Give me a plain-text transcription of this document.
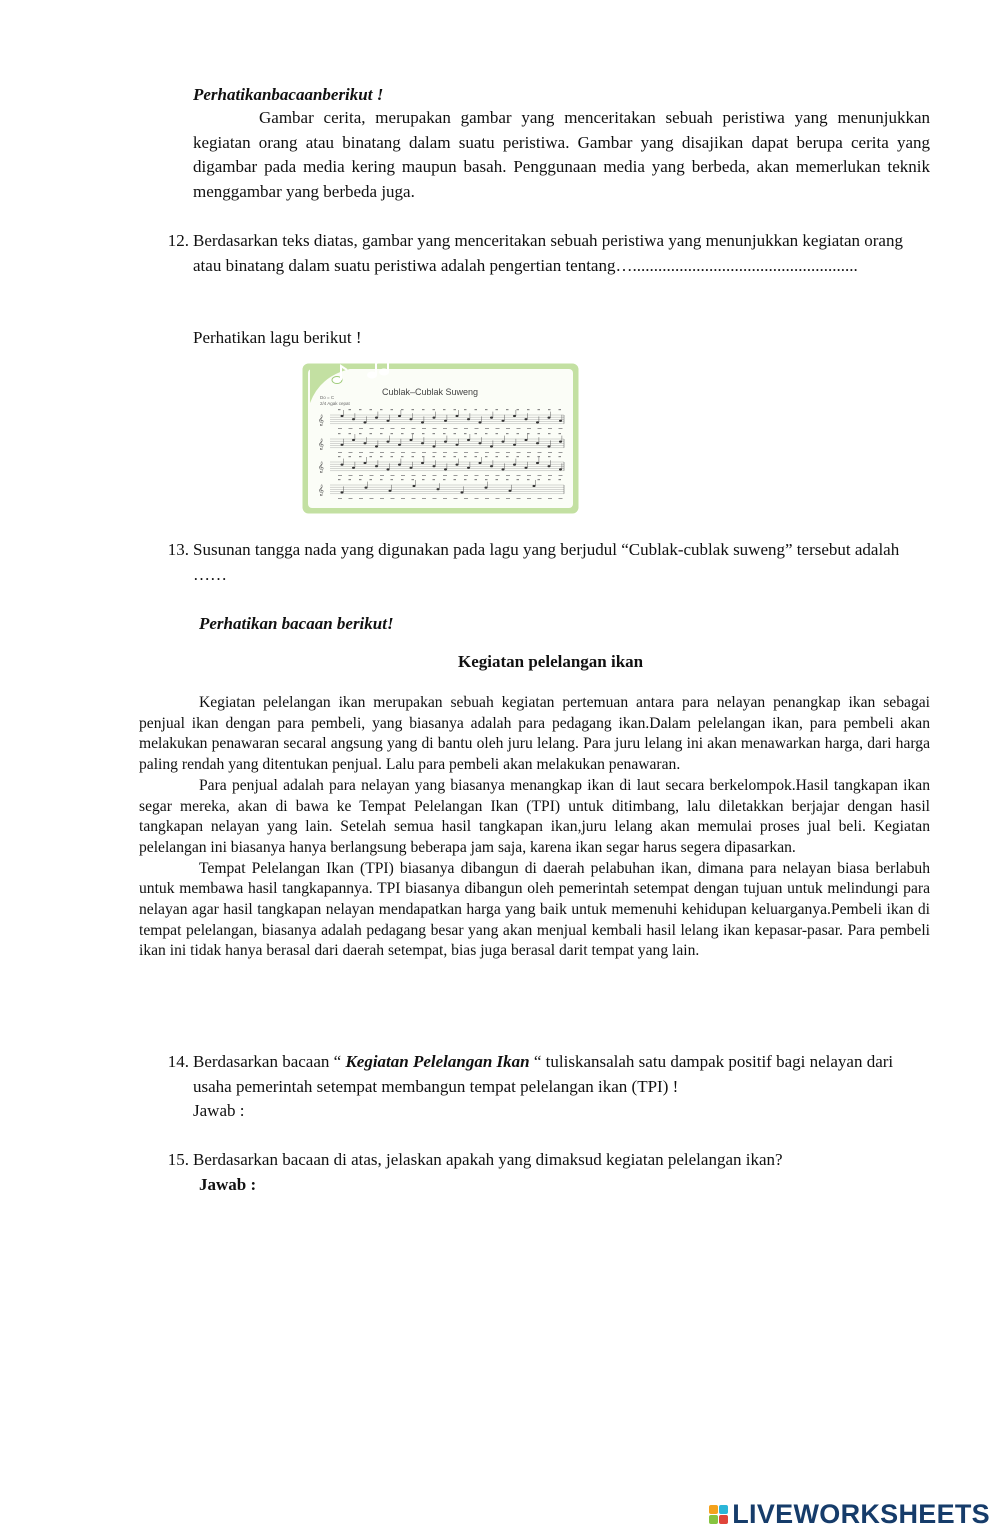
Perhatikanbacaanberikut !
Gambar cerita, merupakan gambar yang menceritakan sebuah peristiwa yang menunjukkan kegiatan orang atau binatang dalam suatu peristiwa. Gambar yang disajikan dapat berupa cerita yang digambar pada media kering maupun basah. Penggunaan media yang berbeda, akan memerlukan teknik menggambar yang berbeda juga.
12. Berdasarkan teks diatas, gambar yang menceritakan sebuah peristiwa yang menunjukkan kegiatan orang atau binatang dalam suatu peristiwa adalah pengertian tentang….....................................................
Perhatikan lagu berikut !
Cublak–Cublak Suweng
Do = C
2/4 Agak cepat
𝄞
𝄞
𝄞
𝄞
13. Susunan tangga nada yang digunakan pada lagu yang berjudul “Cublak-cublak suweng” tersebut adalah ……
Perhatikan bacaan berikut!
Kegiatan pelelangan ikan

Kegiatan pelelangan ikan merupakan sebuah kegiatan pertemuan antara para nelayan penangkap ikan sebagai penjual ikan dengan para pembeli, yang biasanya adalah para pedagang ikan.Dalam pelelangan ikan, para pembeli akan melakukan penawaran secaral angsung yang di bantu oleh juru lelang. Para juru lelang ini akan menawarkan harga, dari harga paling rendah yang ditentukan penjual. Lalu para pembeli akan melakukan penawaran.

Para penjual adalah para nelayan yang biasanya menangkap ikan di laut secara berkelompok.Hasil tangkapan ikan segar mereka, akan di bawa ke Tempat Pelelangan Ikan (TPI) untuk ditimbang, lalu diletakkan berjajar dengan hasil tangkapan nelayan yang lain. Setelah semua hasil tangkapan ikan,juru lelang akan memulai proses jual beli. Kegiatan pelelangan ini biasanya hanya berlangsung beberapa jam saja, karena ikan segar harus segera dipasarkan.

Tempat Pelelangan Ikan (TPI) biasanya dibangun di daerah pelabuhan ikan, dimana para nelayan biasa berlabuh untuk membawa hasil tangkapannya. TPI biasanya dibangun oleh pemerintah setempat dengan tujuan untuk melindungi para nelayan agar hasil tangkapan nelayan mendapatkan harga yang baik untuk memenuhi kehidupan keluarganya.Pembeli ikan di tempat pelelangan, biasanya adalah pedagang besar yang akan menjual kembali hasil lelang ikan kepasar-pasar. Para pembeli ikan ini tidak hanya berasal dari daerah setempat, bias juga berasal darit tempat yang lain.

14. Berdasarkan bacaan “ Kegiatan Pelelangan Ikan “ tuliskansalah satu dampak positif bagi nelayan dari usaha pemerintah setempat membangun tempat pelelangan ikan (TPI) !
Jawab :
15. Berdasarkan bacaan di atas, jelaskan apakah yang dimaksud kegiatan pelelangan ikan?
Jawab :
LIVEWORKSHEETS
